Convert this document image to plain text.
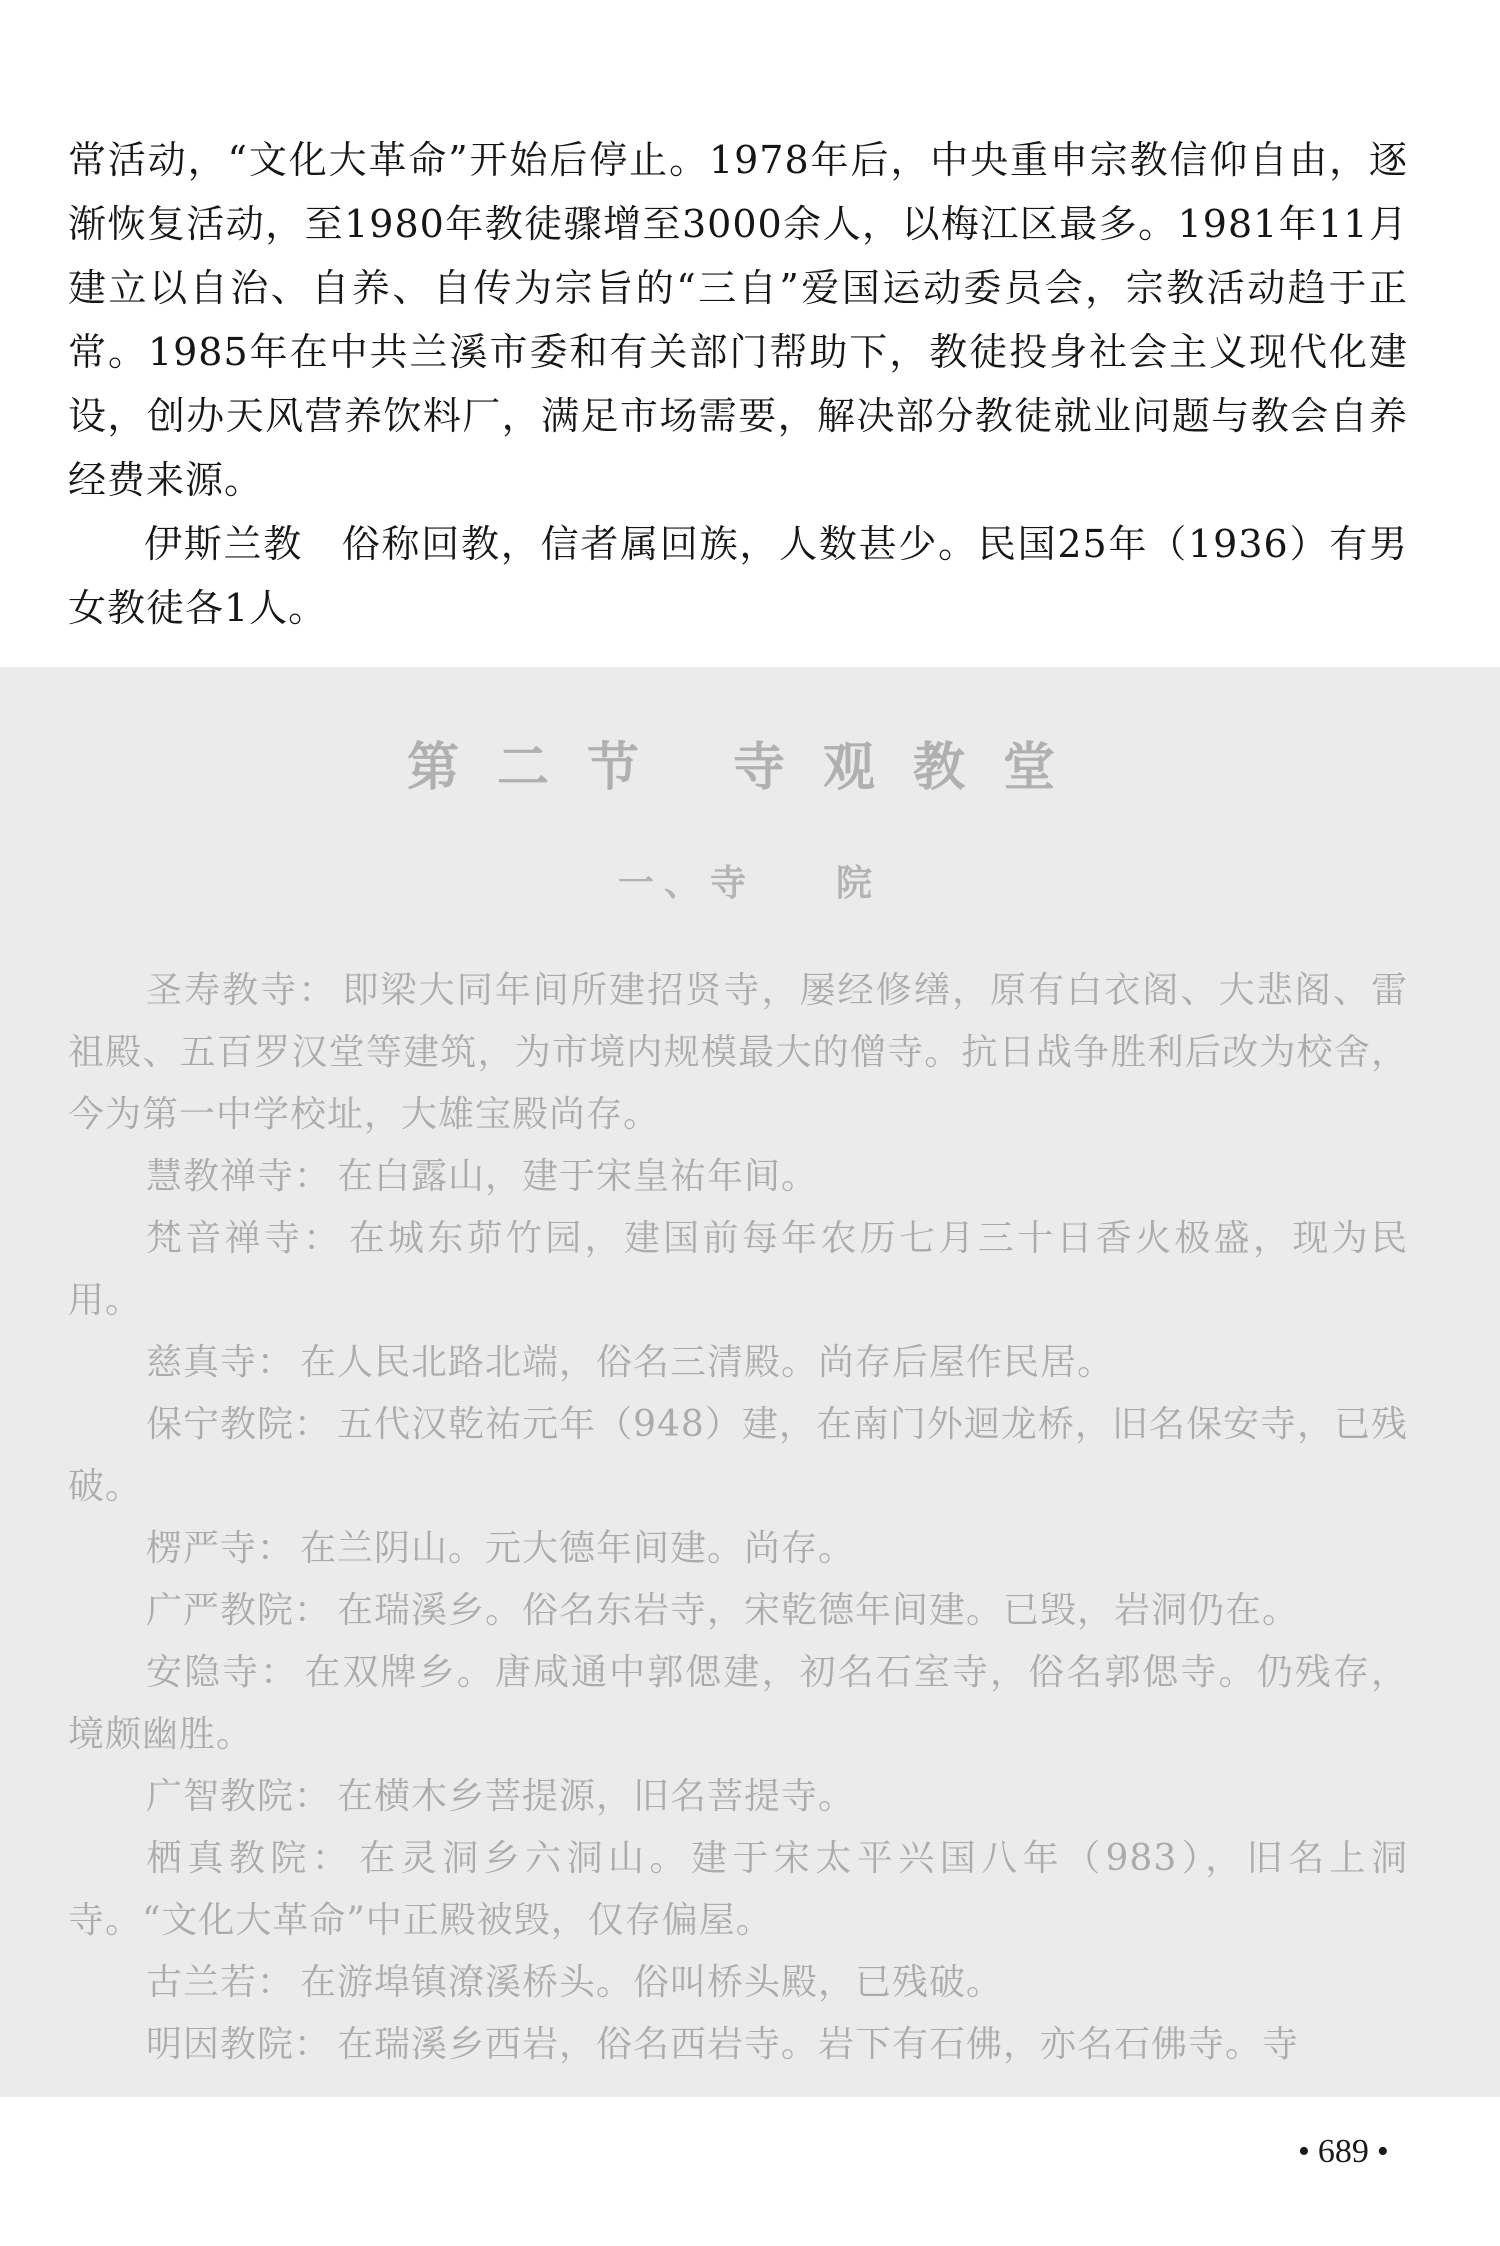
常活动，“文化大革命”开始后停止。1978年后，中央重申宗教信仰自由，逐渐恢复活动，至1980年教徒骤增至3000余人，以梅江区最多。1981年11月建立以自治、自养、自传为宗旨的“三自”爱国运动委员会，宗教活动趋于正常。1985年在中共兰溪市委和有关部门帮助下，教徒投身社会主义现代化建设，创办天风营养饮料厂，满足市场需要，解决部分教徒就业问题与教会自养经费来源。

伊斯兰教 俗称回教，信者属回族，人数甚少。民国25年（1936）有男女教徒各1人。

第二节 寺观教堂
一、寺 院

圣寿教寺： 即梁大同年间所建招贤寺，屡经修缮，原有白衣阁、大悲阁、雷祖殿、五百罗汉堂等建筑，为市境内规模最大的僧寺。抗日战争胜利后改为校舍，今为第一中学校址，大雄宝殿尚存。

慧教禅寺： 在白露山，建于宋皇祐年间。

梵音禅寺： 在城东茆竹园，建国前每年农历七月三十日香火极盛，现为民用。

慈真寺： 在人民北路北端，俗名三清殿。尚存后屋作民居。

保宁教院： 五代汉乾祐元年（948）建，在南门外迴龙桥，旧名保安寺，已残破。

楞严寺： 在兰阴山。元大德年间建。尚存。

广严教院： 在瑞溪乡。俗名东岩寺，宋乾德年间建。已毁，岩洞仍在。

安隐寺： 在双牌乡。唐咸通中郭偲建，初名石室寺，俗名郭偲寺。仍残存，境颇幽胜。

广智教院： 在横木乡菩提源，旧名菩提寺。

栖真教院： 在灵洞乡六洞山。建于宋太平兴国八年（983），旧名上洞寺。“文化大革命”中正殿被毁，仅存偏屋。

古兰若： 在游埠镇潦溪桥头。俗叫桥头殿，已残破。

明因教院： 在瑞溪乡西岩，俗名西岩寺。岩下有石佛，亦名石佛寺。寺

• 689 •
